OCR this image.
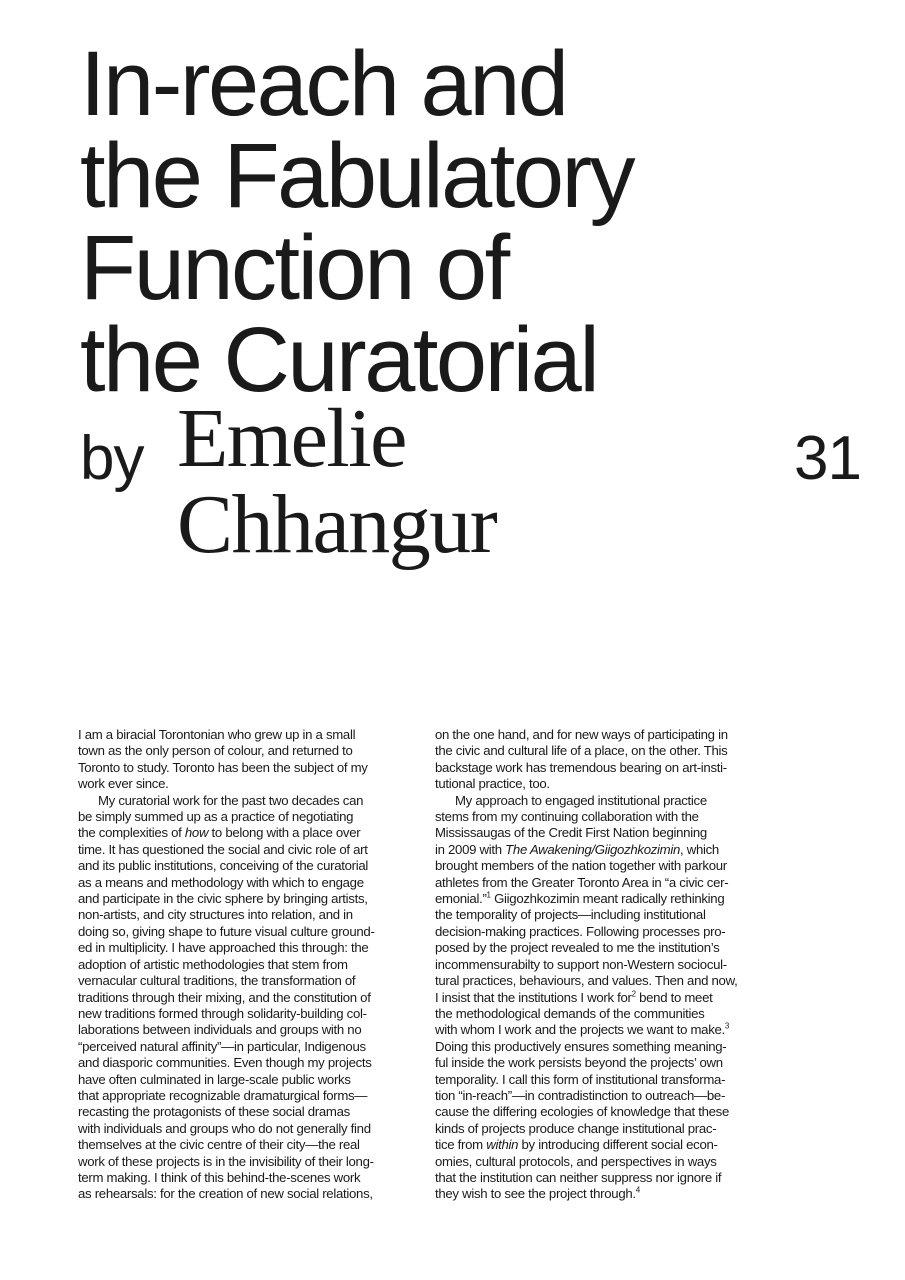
In-reach and
the Fabulatory
Function of
the Curatorial
by Emelie
Chhangur
31
I am a biracial Torontonian who grew up in a small
town as the only person of colour, and returned to
Toronto to study. Toronto has been the subject of my
work ever since.
My curatorial work for the past two decades can
be simply summed up as a practice of negotiating
the complexities of how to belong with a place over
time. It has questioned the social and civic role of art
and its public institutions, conceiving of the curatorial
as a means and methodology with which to engage
and participate in the civic sphere by bringing artists,
non-artists, and city structures into relation, and in
doing so, giving shape to future visual culture ground-
ed in multiplicity. I have approached this through: the
adoption of artistic methodologies that stem from
vernacular cultural traditions, the transformation of
traditions through their mixing, and the constitution of
new traditions formed through solidarity-building col-
laborations between individuals and groups with no
“perceived natural affinity”—in particular, Indigenous
and diasporic communities. Even though my projects
have often culminated in large-scale public works
that appropriate recognizable dramaturgical forms—
recasting the protagonists of these social dramas
with individuals and groups who do not generally find
themselves at the civic centre of their city—the real
work of these projects is in the invisibility of their long-
term making. I think of this behind-the-scenes work
as rehearsals: for the creation of new social relations,
on the one hand, and for new ways of participating in
the civic and cultural life of a place, on the other. This
backstage work has tremendous bearing on art-insti-
tutional practice, too.
My approach to engaged institutional practice
stems from my continuing collaboration with the
Mississaugas of the Credit First Nation beginning
in 2009 with The Awakening/Giigozhkozimin, which
brought members of the nation together with parkour
athletes from the Greater Toronto Area in “a civic cer-
emonial.”$^1$ Giigozhkozimin meant radically rethinking
the temporality of projects—including institutional
decision-making practices. Following processes pro-
posed by the project revealed to me the institution’s
incommensurabilty to support non-Western sociocul-
tural practices, behaviours, and values. Then and now,
I insist that the institutions I work for$^2$ bend to meet
the methodological demands of the communities
with whom I work and the projects we want to make.$^3$
Doing this productively ensures something meaning-
ful inside the work persists beyond the projects’ own
temporality. I call this form of institutional transforma-
tion “in-reach”—in contradistinction to outreach—be-
cause the differing ecologies of knowledge that these
kinds of projects produce change institutional prac-
tice from within by introducing different social econ-
omies, cultural protocols, and perspectives in ways
that the institution can neither suppress nor ignore if
they wish to see the project through.$^4$
